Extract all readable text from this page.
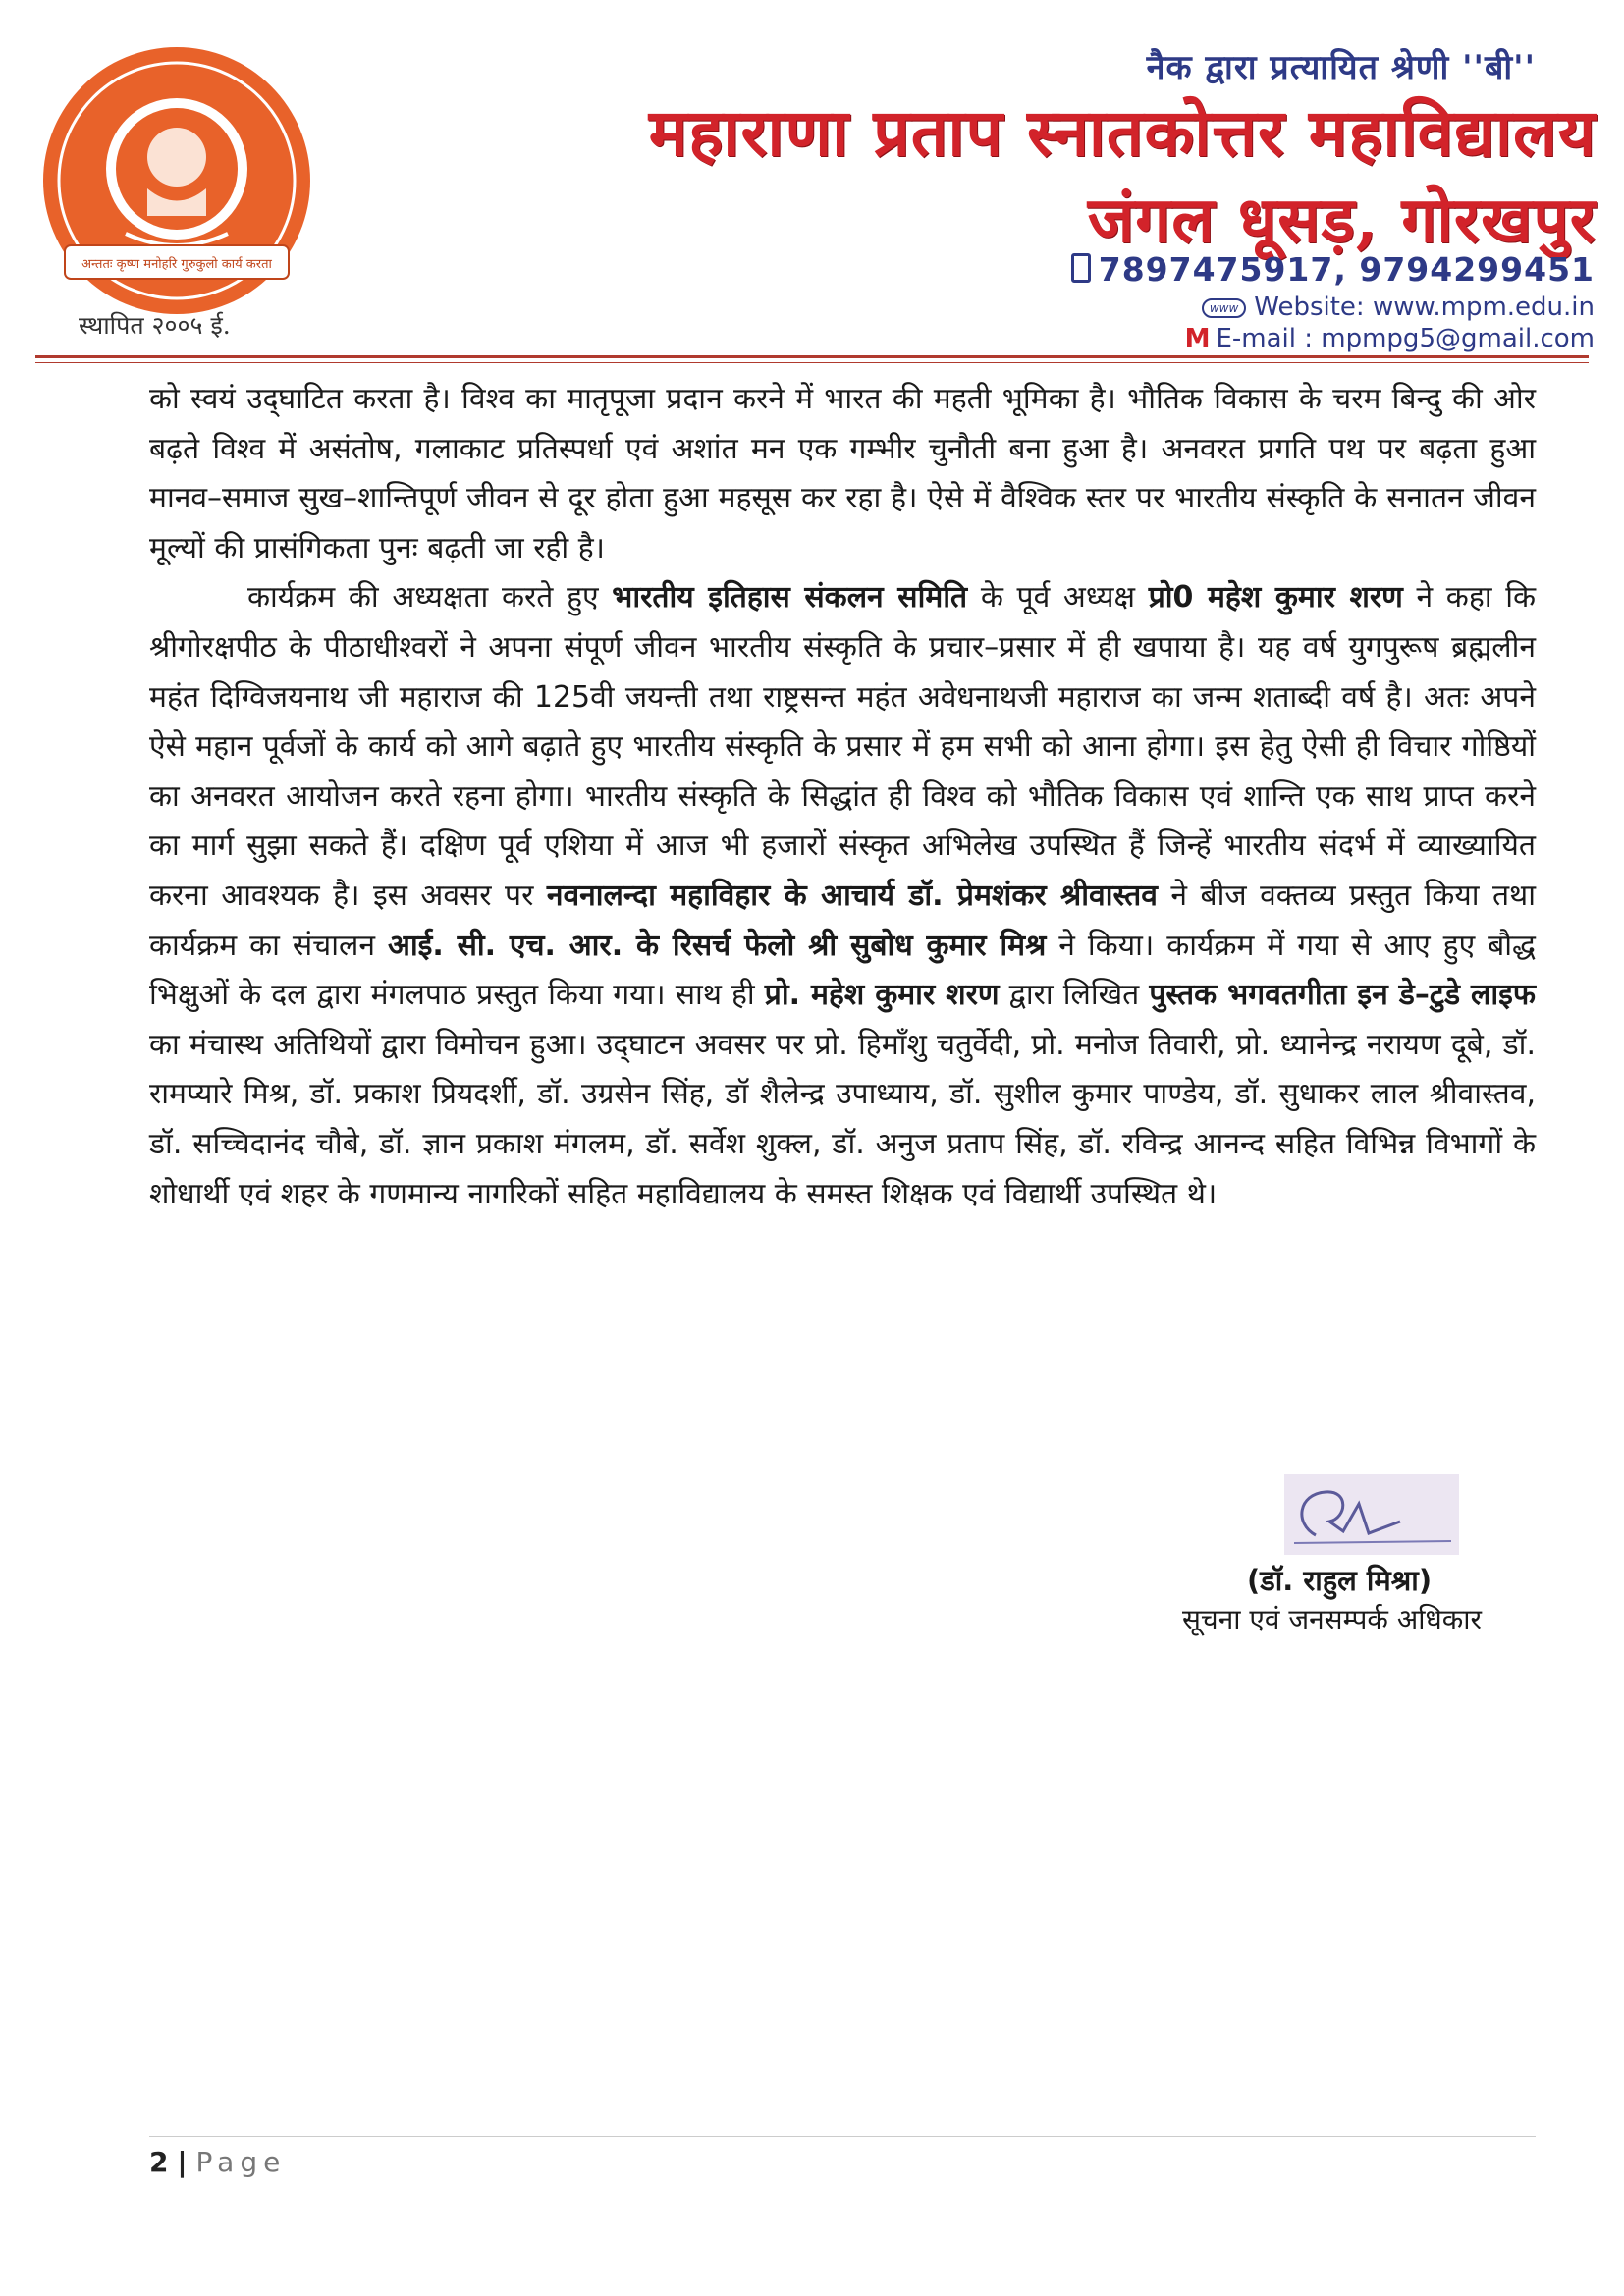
अन्ततः कृष्ण मनोहरि गुरुकुलो कार्य करता
स्थापित २००५ ई.
नैक द्वारा प्रत्यायित श्रेणी ''बी''
महाराणा प्रताप स्नातकोत्तर महाविद्यालय
जंगल धूसड़, गोरखपुर
7897475917, 9794299451
www Website: www.mpm.edu.in
M E-mail : mpmpg5@gmail.com

को स्वयं उद्‌घाटित करता है। विश्व का मातृपूजा प्रदान करने में भारत की महती भूमिका है। भौतिक विकास के चरम बिन्दु की ओर बढ़ते विश्व में असंतोष, गलाकाट प्रतिस्पर्धा एवं अशांत मन एक गम्भीर चुनौती बना हुआ है। अनवरत प्रगति पथ पर बढ़ता हुआ मानव–समाज सुख–शान्तिपूर्ण जीवन से दूर होता हुआ महसूस कर रहा है। ऐसे में वैश्विक स्तर पर भारतीय संस्कृति के सनातन जीवन मूल्यों की प्रासंगिकता पुनः बढ़ती जा रही है।

कार्यक्रम की अध्यक्षता करते हुए भारतीय इतिहास संकलन समिति के पूर्व अध्यक्ष प्रो0 महेश कुमार शरण ने कहा कि श्रीगोरक्षपीठ के पीठाधीश्वरों ने अपना संपूर्ण जीवन भारतीय संस्कृति के प्रचार–प्रसार में ही खपाया है। यह वर्ष युगपुरूष ब्रह्मलीन महंत दिग्विजयनाथ जी महाराज की 125वी जयन्ती तथा राष्ट्रसन्त महंत अवेधनाथजी महाराज का जन्म शताब्दी वर्ष है। अतः अपने ऐसे महान पूर्वजों के कार्य को आगे बढ़ाते हुए भारतीय संस्कृति के प्रसार में हम सभी को आना होगा। इस हेतु ऐसी ही विचार गोष्ठियों का अनवरत आयोजन करते रहना होगा। भारतीय संस्कृति के सिद्धांत ही विश्व को भौतिक विकास एवं शान्ति एक साथ प्राप्त करने का मार्ग सुझा सकते हैं। दक्षिण पूर्व एशिया में आज भी हजारों संस्कृत अभिलेख उपस्थित हैं जिन्हें भारतीय संदर्भ में व्याख्यायित करना आवश्यक है। इस अवसर पर नवनालन्दा महाविहार के आचार्य डॉ. प्रेमशंकर श्रीवास्तव ने बीज वक्तव्य प्रस्तुत किया तथा कार्यक्रम का संचालन आई. सी. एच. आर. के रिसर्च फेलो श्री सुबोध कुमार मिश्र ने किया। कार्यक्रम में गया से आए हुए बौद्ध भिक्षुओं के दल द्वारा मंगलपाठ प्रस्तुत किया गया। साथ ही प्रो. महेश कुमार शरण द्वारा लिखित पुस्तक भगवतगीता इन डे–टुडे लाइफ का मंचास्थ अतिथियों द्वारा विमोचन हुआ। उद्‌घाटन अवसर पर प्रो. हिमाँशु चतुर्वेदी, प्रो. मनोज तिवारी, प्रो. ध्यानेन्द्र नरायण दूबे, डॉ. रामप्यारे मिश्र, डॉ. प्रकाश प्रियदर्शी, डॉ. उग्रसेन सिंह, डॉ शैलेन्द्र उपाध्याय, डॉ. सुशील कुमार पाण्डेय, डॉ. सुधाकर लाल श्रीवास्तव, डॉ. सच्चिदानंद चौबे, डॉ. ज्ञान प्रकाश मंगलम, डॉ. सर्वेश शुक्ल, डॉ. अनुज प्रताप सिंह, डॉ. रविन्द्र आनन्द सहित विभिन्न विभागों के शोधार्थी एवं शहर के गणमान्य नागरिकों सहित महाविद्यालय के समस्त शिक्षक एवं विद्यार्थी उपस्थित थे।

(डॉ. राहुल मिश्रा)
सूचना एवं जनसम्पर्क अधिकार
2 | Page
